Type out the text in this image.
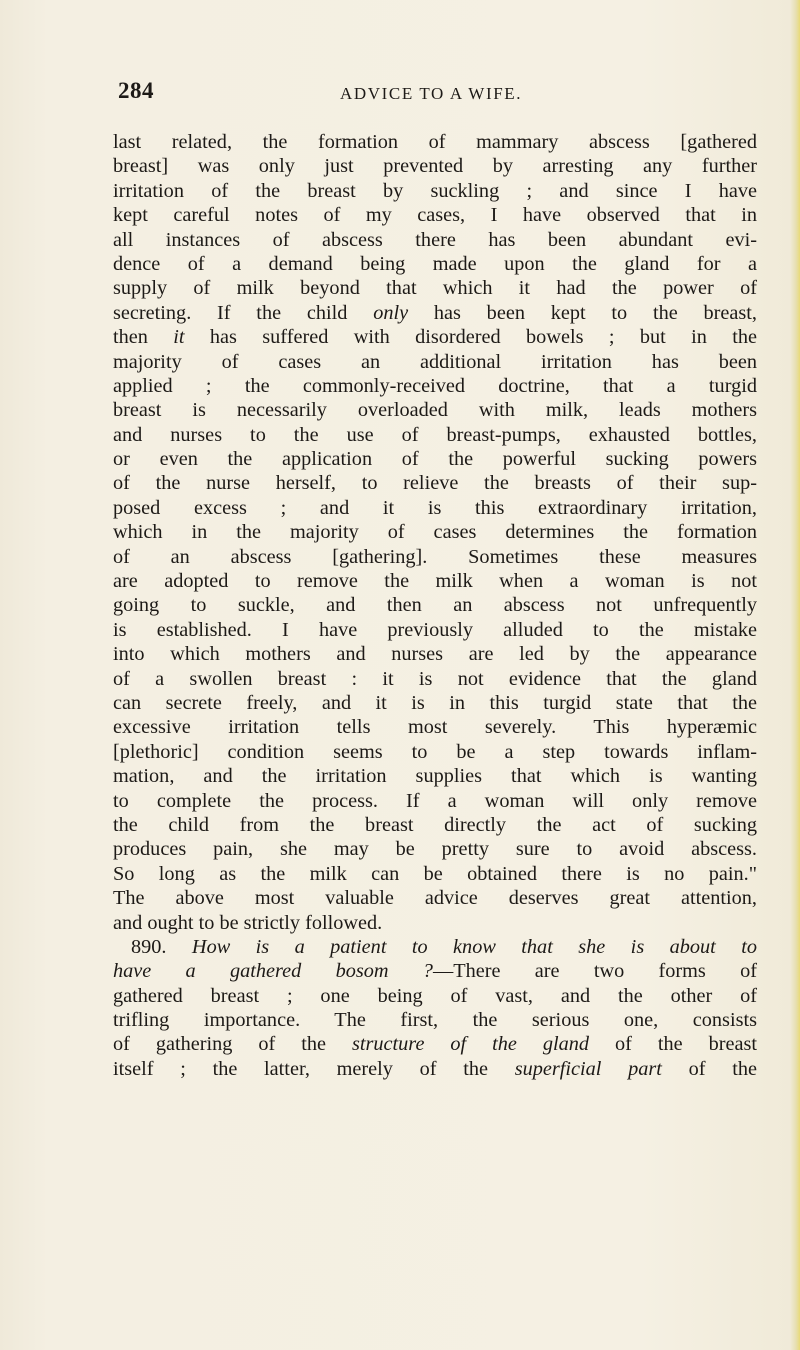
284	ADVICE TO A WIFE.
last related, the formation of mammary abscess [gathered
breast] was only just prevented by arresting any further
irritation of the breast by suckling ; and since I have
kept careful notes of my cases, I have observed that in
all instances of abscess there has been abundant evi-
dence of a demand being made upon the gland for a
supply of milk beyond that which it had the power of
secreting. If the child only has been kept to the breast,
then it has suffered with disordered bowels ; but in the
majority of cases an additional irritation has been
applied ; the commonly-received doctrine, that a turgid
breast is necessarily overloaded with milk, leads mothers
and nurses to the use of breast-pumps, exhausted bottles,
or even the application of the powerful sucking powers
of the nurse herself, to relieve the breasts of their sup-
posed excess ; and it is this extraordinary irritation,
which in the majority of cases determines the formation
of an abscess [gathering]. Sometimes these measures
are adopted to remove the milk when a woman is not
going to suckle, and then an abscess not unfrequently
is established. I have previously alluded to the mistake
into which mothers and nurses are led by the appearance
of a swollen breast : it is not evidence that the gland
can secrete freely, and it is in this turgid state that the
excessive irritation tells most severely. This hyperæmic
[plethoric] condition seems to be a step towards inflam-
mation, and the irritation supplies that which is wanting
to complete the process. If a woman will only remove
the child from the breast directly the act of sucking
produces pain, she may be pretty sure to avoid abscess.
So long as the milk can be obtained there is no pain."
The above most valuable advice deserves great attention,
and ought to be strictly followed.
890. How is a patient to know that she is about to
have a gathered bosom ?—There are two forms of
gathered breast ; one being of vast, and the other of
trifling importance. The first, the serious one, consists
of gathering of the structure of the gland of the breast
itself ; the latter, merely of the superficial part of the
